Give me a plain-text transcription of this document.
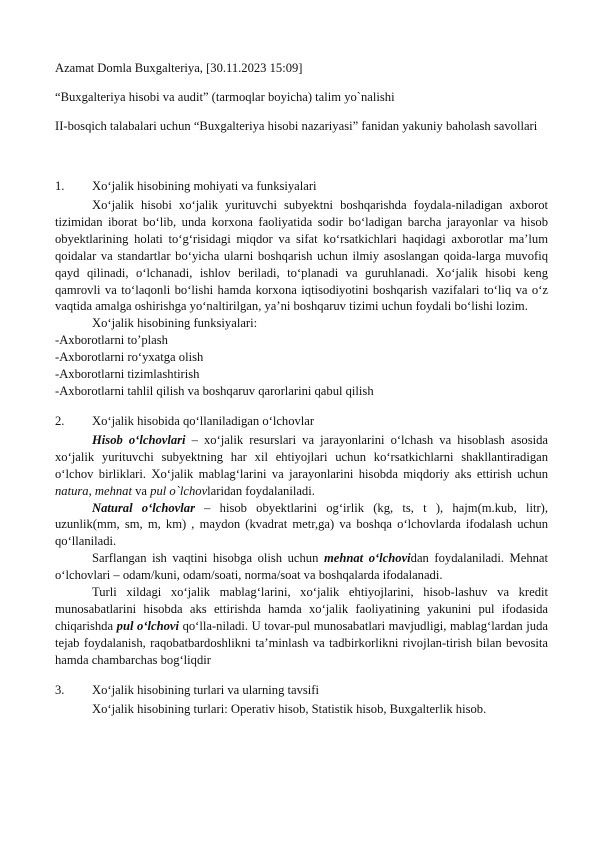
Azamat Domla Buxgalteriya, [30.11.2023 15:09]

“Buxgalteriya hisobi va audit” (tarmoqlar boyicha) talim yo`nalishi

II-bosqich talabalari uchun “Buxgalteriya hisobi nazariyasi” fanidan yakuniy baholash savollari

1.	Xo‘jalik hisobining mohiyati va funksiyalari

Xo‘jalik hisobi xo‘jalik yurituvchi subyektni boshqarishda foydala-niladigan axborot tizimidan iborat bo‘lib, unda korxona faoliyatida sodir bo‘ladigan barcha jarayonlar va hisob obyektlarining holati to‘g‘risidagi miqdor va sifat ko‘rsatkichlari haqidagi axborotlar ma’lum qoidalar va standartlar bo‘yicha ularni boshqarish uchun ilmiy asoslangan qoida-larga muvofiq qayd qilinadi, o‘lchanadi, ishlov beriladi, to‘planadi va guruhlanadi. Xo‘jalik hisobi keng qamrovli va to‘laqonli bo‘lishi hamda korxona iqtisodiyotini boshqarish vazifalari to‘liq va o‘z vaqtida amalga oshirishga yo‘naltirilgan, ya’ni boshqaruv tizimi uchun foydali bo‘lishi lozim.

Xo‘jalik hisobining funksiyalari:

-Axborotlarni to’plash

-Axborotlarni ro‘yxatga olish

-Axborotlarni tizimlashtirish

-Axborotlarni tahlil qilish va boshqaruv qarorlarini qabul qilish

2.	Xo‘jalik hisobida qo‘llaniladigan o‘lchovlar

Hisob o‘lchovlari – xo‘jalik resurslari va jarayonlarini o‘lchash va hisoblash asosida xo‘jalik yurituvchi subyektning har xil ehtiyojlari uchun ko‘rsatkichlarni shakllantiradigan o‘lchov birliklari. Xo‘jalik mablag‘larini va jarayonlarini hisobda miqdoriy aks ettirish uchun natura, mehnat va pul o`lchovlaridan foydalaniladi.

Natural o‘lchovlar – hisob obyektlarini og‘irlik (kg, ts, t ), hajm(m.kub, litr), uzunlik(mm, sm, m, km) , maydon (kvadrat metr,ga) va boshqa o‘lchovlarda ifodalash uchun qo‘llaniladi.

Sarflangan ish vaqtini hisobga olish uchun mehnat o‘lchovidan foydalaniladi. Mehnat o‘lchovlari – odam/kuni, odam/soati, norma/soat va boshqalarda ifodalanadi.

Turli xildagi xo‘jalik mablag‘larini, xo‘jalik ehtiyojlarini, hisob-lashuv va kredit munosabatlarini hisobda aks ettirishda hamda xo‘jalik faoliyatining yakunini pul ifodasida chiqarishda pul o‘lchovi qo‘lla-niladi. U tovar-pul munosabatlari mavjudligi, mablag‘lardan juda tejab foydalanish, raqobatbardoshlikni ta’minlash va tadbirkorlikni rivojlan-tirish bilan bevosita hamda chambarchas bog‘liqdir

3.	Xo‘jalik hisobining turlari va ularning tavsifi

Xo‘jalik hisobining turlari: Operativ hisob, Statistik hisob, Buxgalterlik hisob.
